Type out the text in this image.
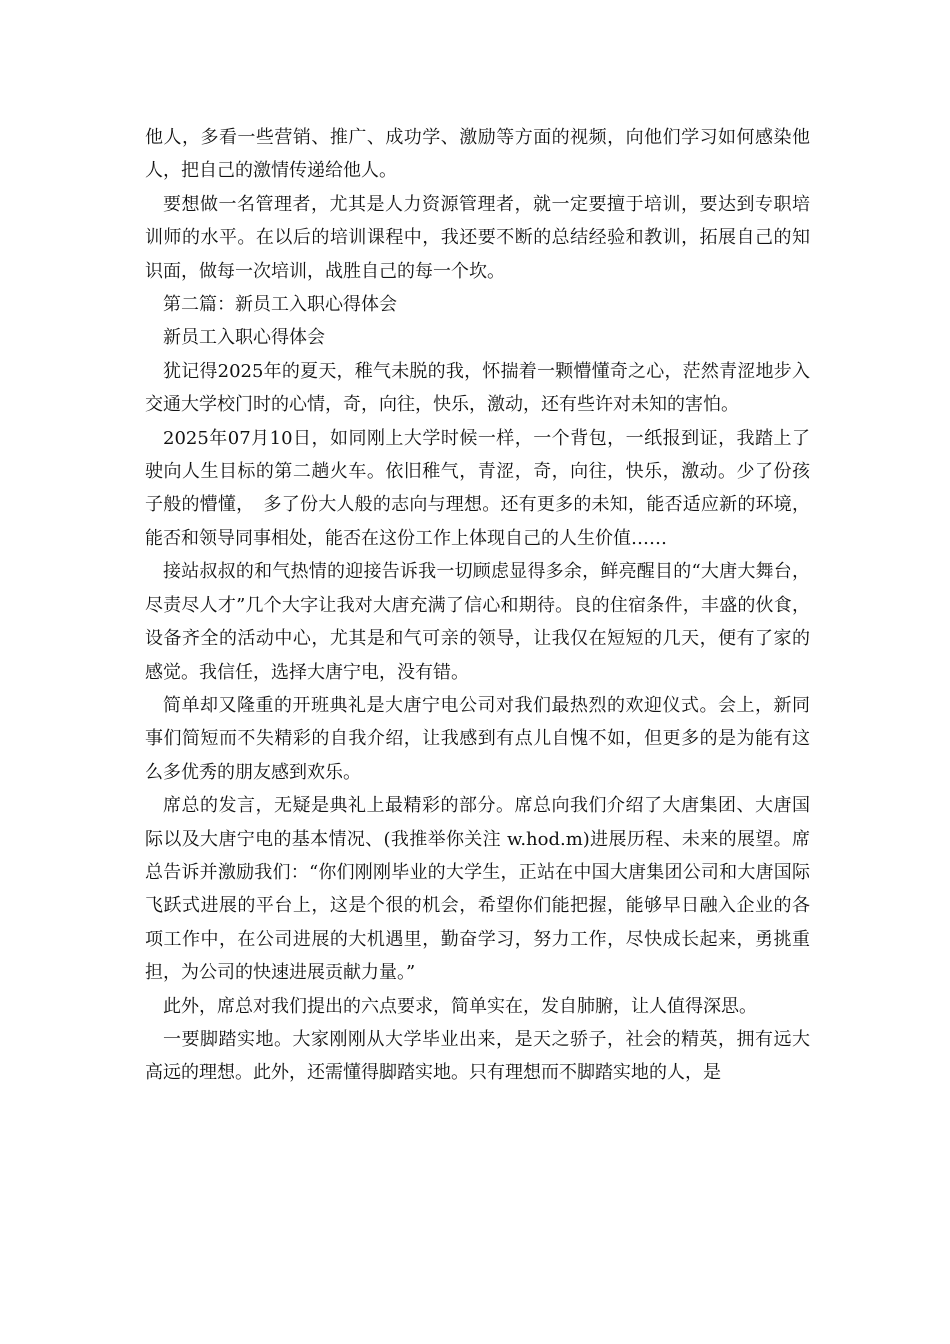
他人，多看一些营销、推广、成功学、激励等方面的视频，向他们学习如何感染他人，把自己的激情传递给他人。

要想做一名管理者，尤其是人力资源管理者，就一定要擅于培训，要达到专职培训师的水平。在以后的培训课程中，我还要不断的总结经验和教训，拓展自己的知识面，做每一次培训，战胜自己的每一个坎。

第二篇：新员工入职心得体会

新员工入职心得体会

犹记得2025年的夏天，稚气未脱的我，怀揣着一颗懵懂奇之心，茫然青涩地步入交通大学校门时的心情，奇，向往，快乐，激动，还有些许对未知的害怕。

2025年07月10日，如同刚上大学时候一样，一个背包，一纸报到证，我踏上了驶向人生目标的第二趟火车。依旧稚气，青涩，奇，向往，快乐，激动。少了份孩子般的懵懂，　多了份大人般的志向与理想。还有更多的未知，能否适应新的环境，能否和领导同事相处，能否在这份工作上体现自己的人生价值……

接站叔叔的和气热情的迎接告诉我一切顾虑显得多余，鲜亮醒目的“大唐大舞台，尽责尽人才”几个大字让我对大唐充满了信心和期待。良的住宿条件，丰盛的伙食，设备齐全的活动中心，尤其是和气可亲的领导，让我仅在短短的几天，便有了家的感觉。我信任，选择大唐宁电，没有错。

简单却又隆重的开班典礼是大唐宁电公司对我们最热烈的欢迎仪式。会上，新同事们简短而不失精彩的自我介绍，让我感到有点儿自愧不如，但更多的是为能有这么多优秀的朋友感到欢乐。

席总的发言，无疑是典礼上最精彩的部分。席总向我们介绍了大唐集团、大唐国际以及大唐宁电的基本情况、(我推举你关注 w.hod.m)进展历程、未来的展望。席总告诉并激励我们：“你们刚刚毕业的大学生，正站在中国大唐集团公司和大唐国际飞跃式进展的平台上，这是个很的机会，希望你们能把握，能够早日融入企业的各项工作中，在公司进展的大机遇里，勤奋学习，努力工作，尽快成长起来，勇挑重担，为公司的快速进展贡献力量。”

此外，席总对我们提出的六点要求，简单实在，发自肺腑，让人值得深思。

一要脚踏实地。大家刚刚从大学毕业出来，是天之骄子，社会的精英，拥有远大高远的理想。此外，还需懂得脚踏实地。只有理想而不脚踏实地的人，是
